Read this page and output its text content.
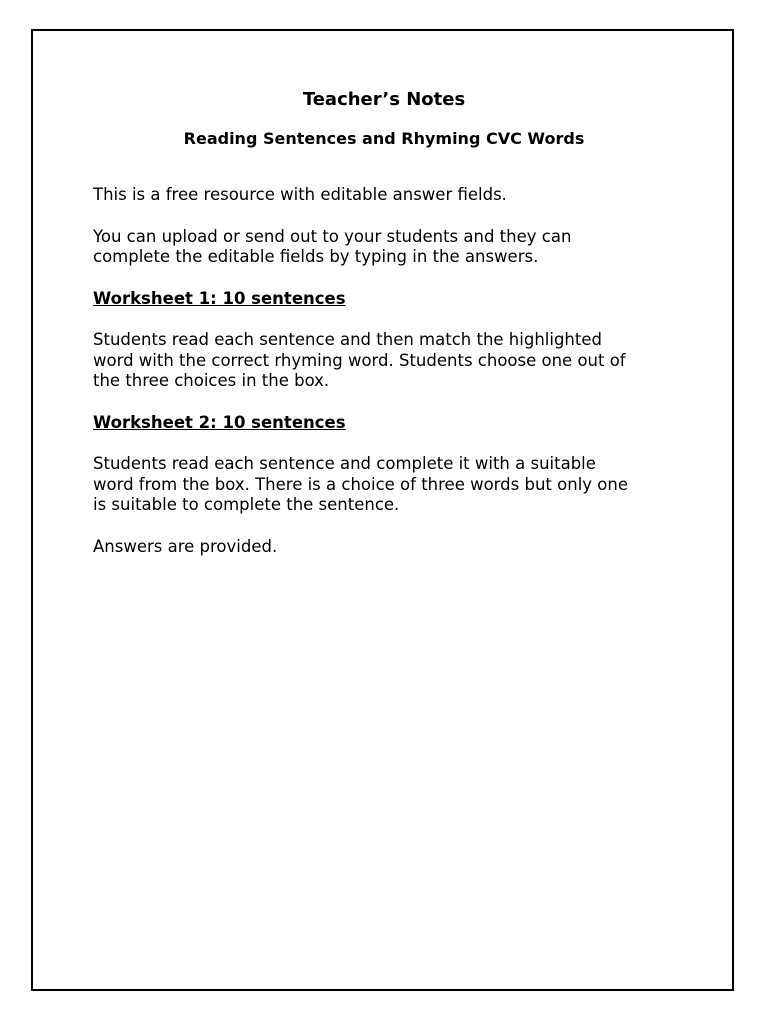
Teacher’s Notes
Reading Sentences and Rhyming CVC Words

This is a free resource with editable answer fields.

You can upload or send out to your students and they can

complete the editable fields by typing in the answers.

Worksheet 1: 10 sentences

Students read each sentence and then match the highlighted

word with the correct rhyming word. Students choose one out of

the three choices in the box.

Worksheet 2: 10 sentences

Students read each sentence and complete it with a suitable

word from the box. There is a choice of three words but only one

is suitable to complete the sentence.

Answers are provided.
